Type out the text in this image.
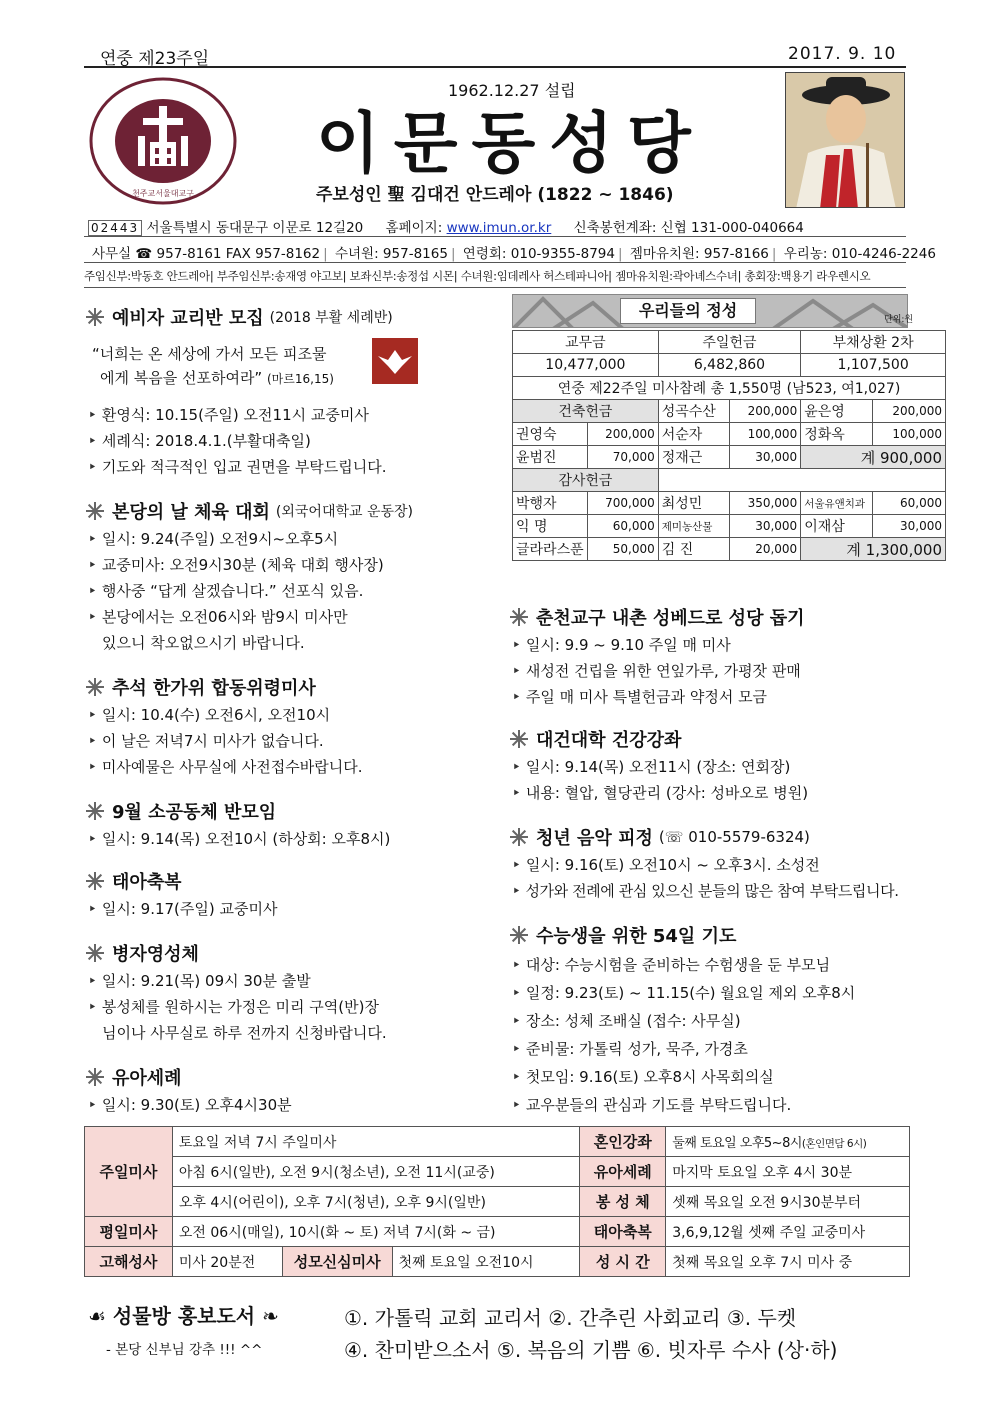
연중 제23주일	2017. 9. 10
천주교서울대교구
1962.12.27 설립
이문동성당
주보성인 聖 김대건 안드레아 (1822 ~ 1846)
02443 서울특별시 동대문구 이문로 12길20 홈페이지: www.imun.or.kr 신축봉헌계좌: 신협 131-000-040664
사무실 ☎ 957-8161 FAX 957-8162 | 수녀원: 957-8165 | 연령회: 010-9355-8794 | 젬마유치원: 957-8166 | 우리농: 010-4246-2246
주임신부:박동호 안드레아| 부주임신부:송재영 야고보| 보좌신부:송정섭 시몬| 수녀원:임데레사 허스테파니아| 젬마유치원:곽아녜스수녀| 총회장:백용기 라우렌시오
예비자 교리반 모집 (2018 부활 세례반)
“너희는 온 세상에 가서 모든 피조물
에게 복음을 선포하여라” (마르16,15)
‣ 환영식: 10.15(주일) 오전11시 교중미사
‣ 세례식: 2018.4.1.(부활대축일)
‣ 기도와 적극적인 입교 권면을 부탁드립니다.
본당의 날 체육 대회 (외국어대학교 운동장)
‣ 일시: 9.24(주일) 오전9시~오후5시
‣ 교중미사: 오전9시30분 (체육 대회 행사장)
‣ 행사중 “답게 살겠습니다.” 선포식 있음.
‣ 본당에서는 오전06시와 밤9시 미사만
있으니 착오없으시기 바랍니다.
추석 한가위 합동위령미사
‣ 일시: 10.4(수) 오전6시, 오전10시
‣ 이 날은 저녁7시 미사가 없습니다.
‣ 미사예물은 사무실에 사전접수바랍니다.
9월 소공동체 반모임
‣ 일시: 9.14(목) 오전10시 (하상회: 오후8시)
태아축복
‣ 일시: 9.17(주일) 교중미사
병자영성체
‣ 일시: 9.21(목) 09시 30분 출발
‣ 봉성체를 원하시는 가정은 미리 구역(반)장
님이나 사무실로 하루 전까지 신청바랍니다.
유아세례
‣ 일시: 9.30(토) 오후4시30분
우리들의 정성	단위:원
교무금		주일헌금		부채상환 2차	
10,477,000		6,482,860		1,107,500	
연중 제22주일 미사참례 총 1,550명 (남523, 여1,027)					
건축헌금		성곡수산	200,000	윤은영	200,000
권영숙	200,000	서순자	100,000	정화옥	100,000
윤범진	70,000	정재근	30,000	계 900,000	
감사헌금					
박행자	700,000	최성민	350,000	서울유앤치과	60,000
익 명	60,000	제미농산물	30,000	이재삼	30,000
글라라스푼	50,000	김 진	20,000	계 1,300,000	
춘천교구 내촌 성베드로 성당 돕기
‣ 일시: 9.9 ~ 9.10 주일 매 미사
‣ 새성전 건립을 위한 연잎가루, 가평잣 판매
‣ 주일 매 미사 특별헌금과 약정서 모금
대건대학 건강강좌
‣ 일시: 9.14(목) 오전11시 (장소: 연회장)
‣ 내용: 혈압, 혈당관리 (강사: 성바오로 병원)
청년 음악 피정 (☏ 010-5579-6324)
‣ 일시: 9.16(토) 오전10시 ~ 오후3시. 소성전
‣ 성가와 전례에 관심 있으신 분들의 많은 참여 부탁드립니다.
수능생을 위한 54일 기도
‣ 대상: 수능시험을 준비하는 수험생을 둔 부모님
‣ 일정: 9.23(토) ~ 11.15(수) 월요일 제외 오후8시
‣ 장소: 성체 조배실 (접수: 사무실)
‣ 준비물: 가톨릭 성가, 묵주, 가경초
‣ 첫모임: 9.16(토) 오후8시 사목회의실
‣ 교우분들의 관심과 기도를 부탁드립니다.
주일미사	토요일 저녁 7시 주일미사			혼인강좌	둘째 토요일 오후5~8시(혼인면담 6시)
	아침 6시(일반), 오전 9시(청소년), 오전 11시(교중)			유아세례	마지막 토요일 오후 4시 30분
	오후 4시(어린이), 오후 7시(청년), 오후 9시(일반)			봉 성 체	셋째 목요일 오전 9시30분부터
평일미사	오전 06시(매일), 10시(화 ~ 토) 저녁 7시(화 ~ 금)			태아축복	3,6,9,12월 셋째 주일 교중미사
고해성사	미사 20분전	성모신심미사	첫째 토요일 오전10시	성 시 간	첫째 목요일 오후 7시 미사 중
☙ 성물방 홍보도서 ❧
- 본당 신부님 강추 !!! ^^
①. 가톨릭 교회 교리서 ②. 간추린 사회교리 ③. 두켓
④. 찬미받으소서 ⑤. 복음의 기쁨 ⑥. 빗자루 수사 (상·하)
